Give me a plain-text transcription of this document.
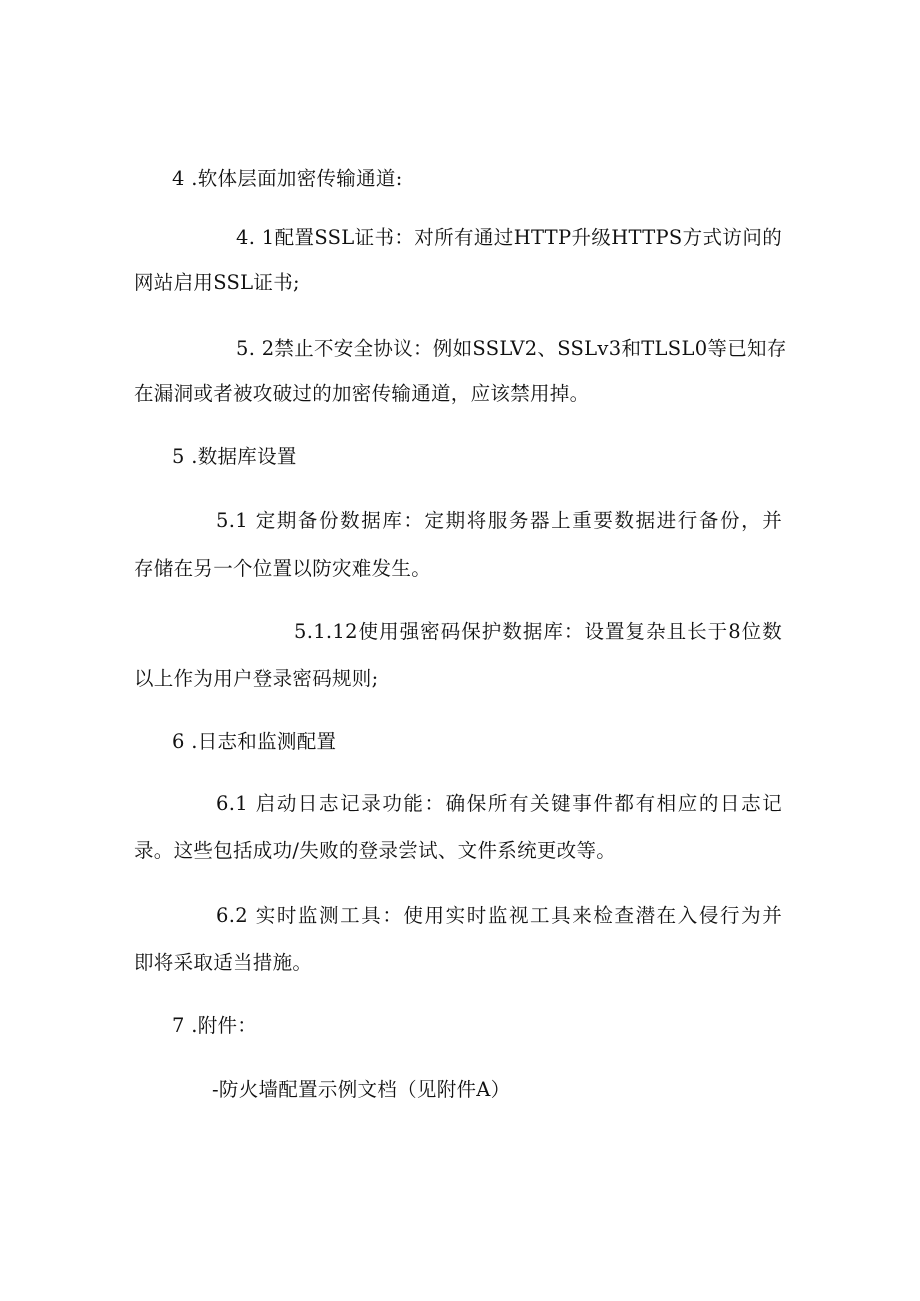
4 .软体层面加密传输通道:
4. 1配置SSL证书：对所有通过HTTP升级HTTPS方式访问的
网站启用SSL证书;
5. 2禁止不安全协议：例如SSLV2、SSLv3和TLSL0等已知存
在漏洞或者被攻破过的加密传输通道，应该禁用掉。
5 .数据库设置
5.1 定期备份数据库：定期将服务器上重要数据进行备份，并
存储在另一个位置以防灾难发生。
5.1.12使用强密码保护数据库：设置复杂且长于8位数
以上作为用户登录密码规则;
6 .日志和监测配置
6.1 启动日志记录功能：确保所有关键事件都有相应的日志记
录。这些包括成功/失败的登录尝试、文件系统更改等。
6.2 实时监测工具：使用实时监视工具来检查潜在入侵行为并
即将采取适当措施。
7 .附件：
-防火墙配置示例文档（见附件A）
